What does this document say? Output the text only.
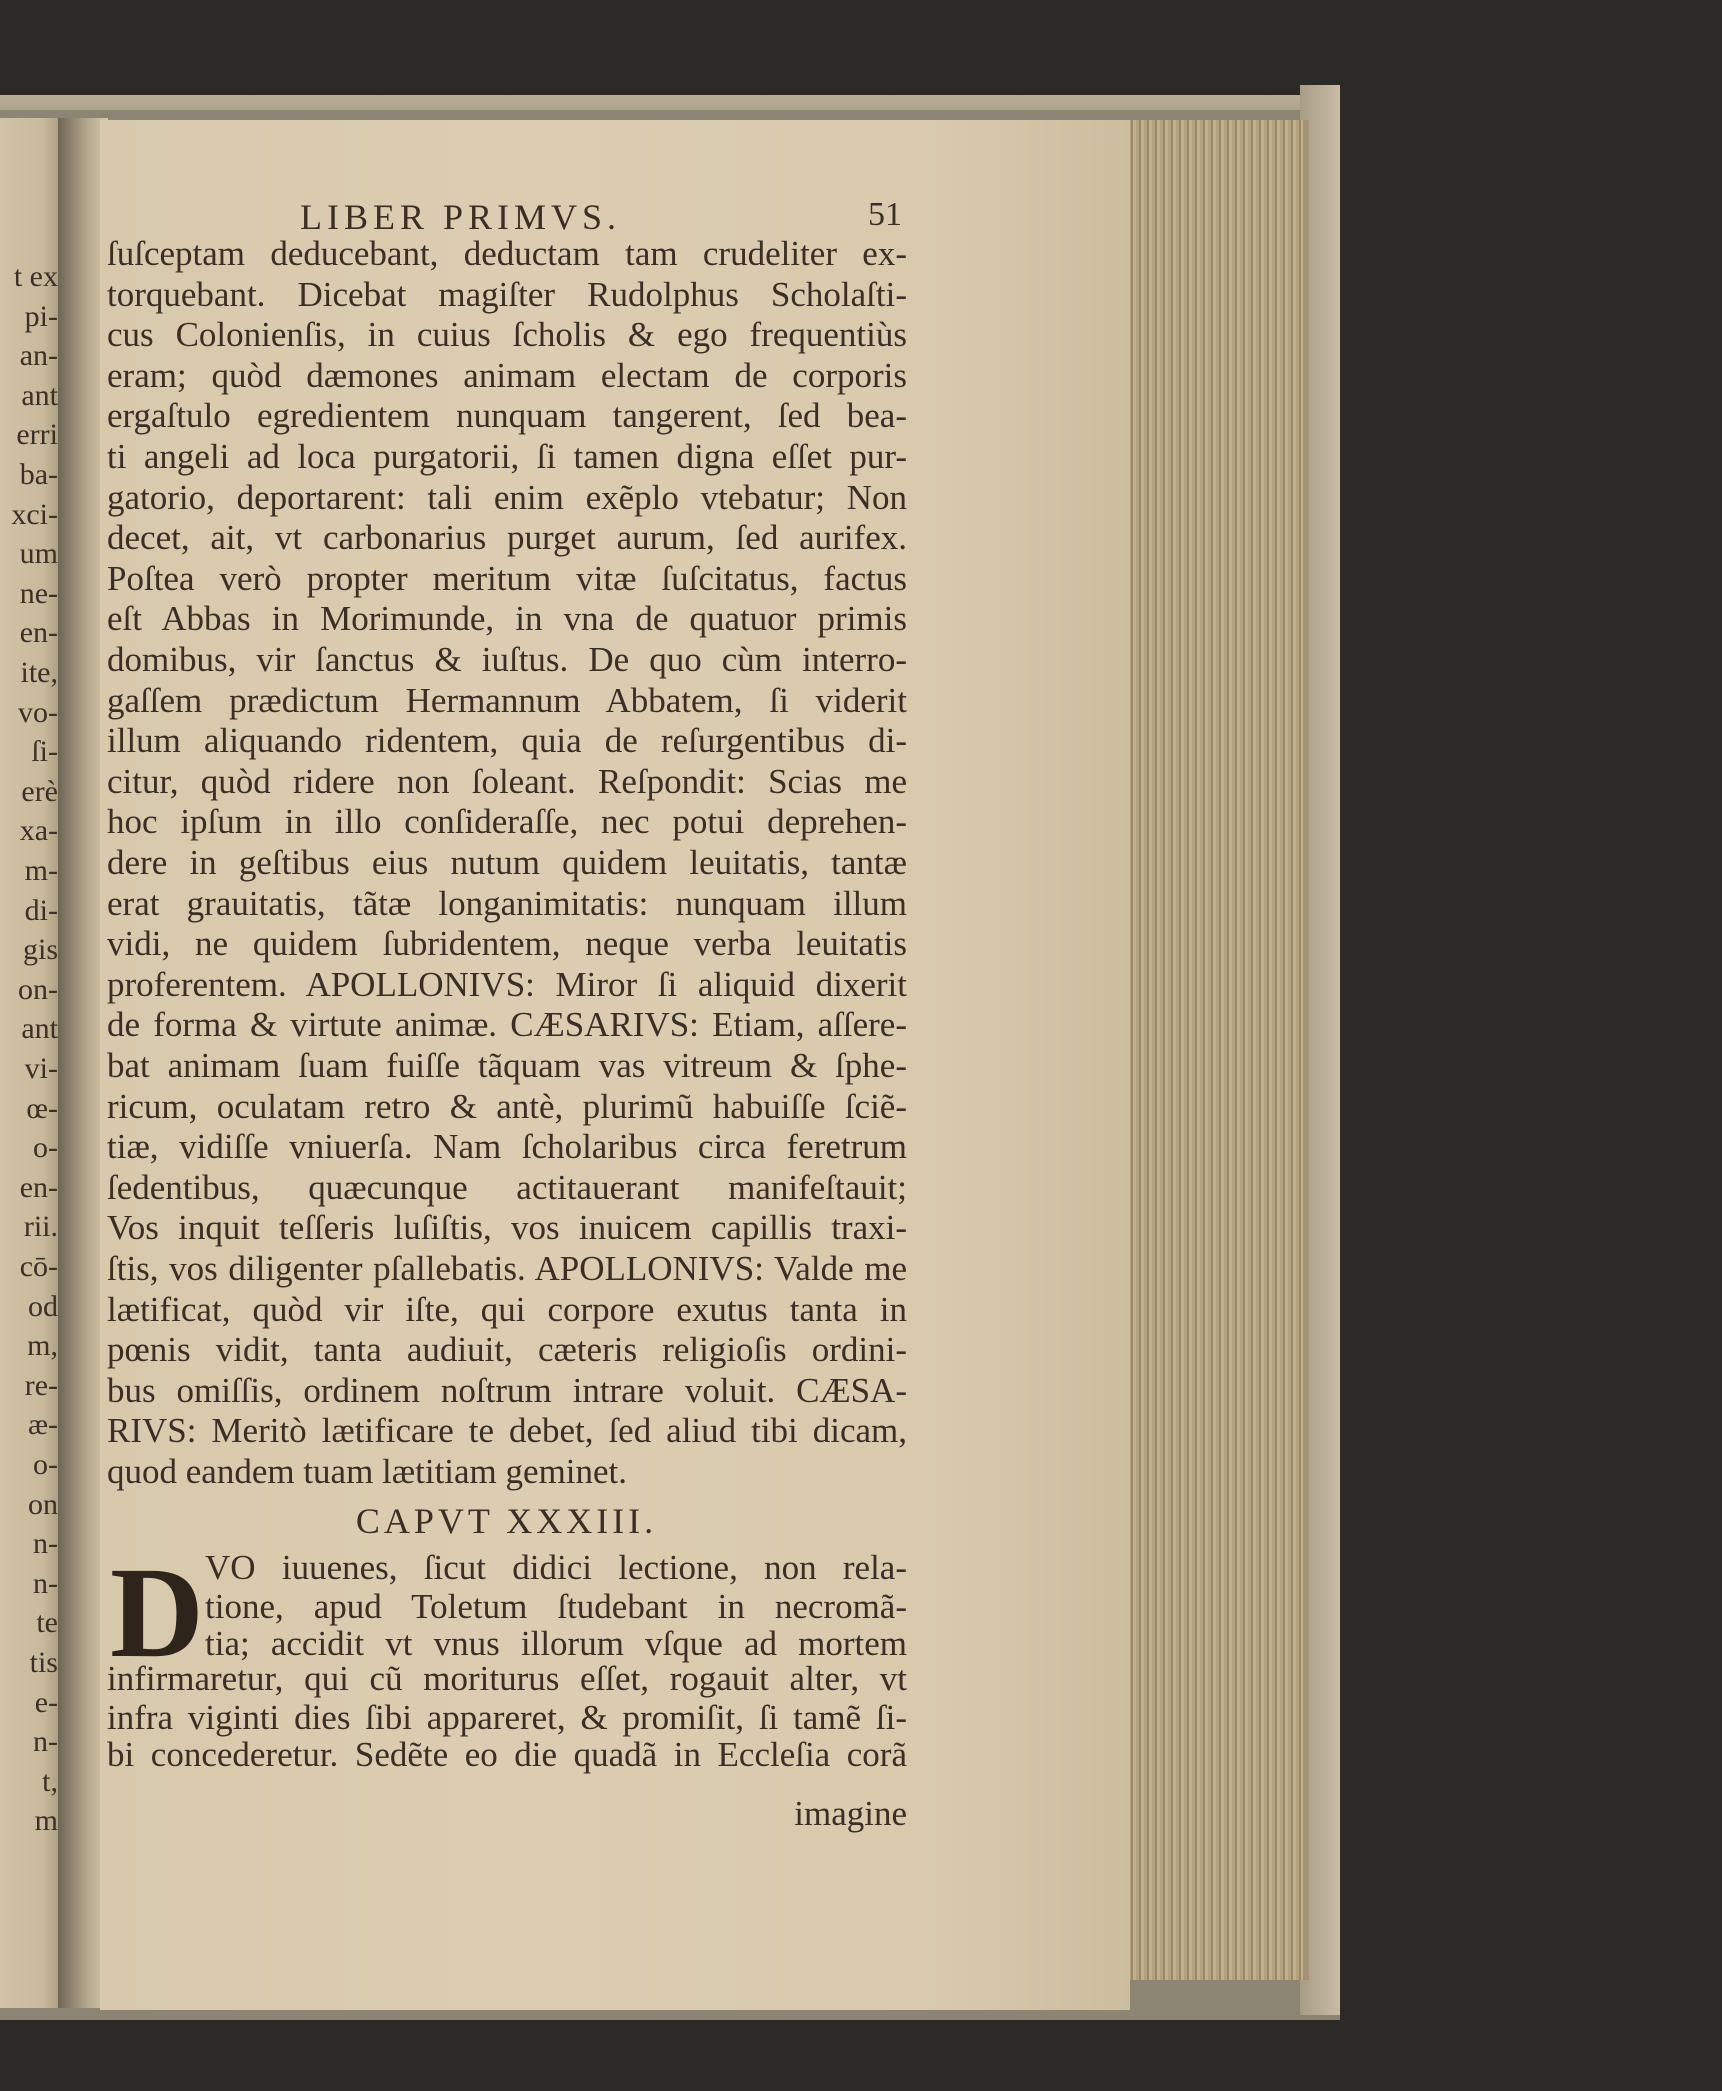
t ex
pi-
an-
ant
erri
ba-
xci-
um
ne-
en-
ite,
vo-
ſi-
erè
xa-
m-
di-
gis
on-
ant
vi-
œ-
o-
en-
rii.
cō-
od
m,
re-
æ-
o-
on
n-
n-
te
tis
e-
n-
t,
m
LIBER PRIMVS.	51
ſuſceptam deducebant, deductam tam crudeliter ex-
torquebant. Dicebat magiſter Rudolphus Scholaſti-
cus Colonienſis, in cuius ſcholis & ego frequentiùs
eram; quòd dæmones animam electam de corporis
ergaſtulo egredientem nunquam tangerent, ſed bea-
ti angeli ad loca purgatorii, ſi tamen digna eſſet pur-
gatorio, deportarent: tali enim exẽplo vtebatur; Non
decet, ait, vt carbonarius purget aurum, ſed aurifex.
Poſtea verò propter meritum vitæ ſuſcitatus, factus
eſt Abbas in Morimunde, in vna de quatuor primis
domibus, vir ſanctus & iuſtus. De quo cùm interro-
gaſſem prædictum Hermannum Abbatem, ſi viderit
illum aliquando ridentem, quia de reſurgentibus di-
citur, quòd ridere non ſoleant. Reſpondit: Scias me
hoc ipſum in illo conſideraſſe, nec potui deprehen-
dere in geſtibus eius nutum quidem leuitatis, tantæ
erat grauitatis, tãtæ longanimitatis: nunquam illum
vidi, ne quidem ſubridentem, neque verba leuitatis
proferentem. APOLLONIVS: Miror ſi aliquid dixerit
de forma & virtute animæ. CÆSARIVS: Etiam, aſſere-
bat animam ſuam fuiſſe tãquam vas vitreum & ſphe-
ricum, oculatam retro & antè, plurimũ habuiſſe ſciẽ-
tiæ, vidiſſe vniuerſa. Nam ſcholaribus circa feretrum
ſedentibus, quæcunque actitauerant manifeſtauit;
Vos inquit teſſeris luſiſtis, vos inuicem capillis traxi-
ſtis, vos diligenter pſallebatis. APOLLONIVS: Valde me
lætificat, quòd vir iſte, qui corpore exutus tanta in
pœnis vidit, tanta audiuit, cæteris religioſis ordini-
bus omiſſis, ordinem noſtrum intrare voluit. CÆSA-
RIVS: Meritò lætificare te debet, ſed aliud tibi dicam,
quod eandem tuam lætitiam geminet.
CAPVT XXXIII.
D VO iuuenes, ſicut didici lectione, non rela-
tione, apud Toletum ſtudebant in necromã-
tia; accidit vt vnus illorum vſque ad mortem
infirmaretur, qui cũ moriturus eſſet, rogauit alter, vt
infra viginti dies ſibi appareret, & promiſit, ſi tamẽ ſi-
bi concederetur. Sedẽte eo die quadã in Eccleſia corã
imagine
